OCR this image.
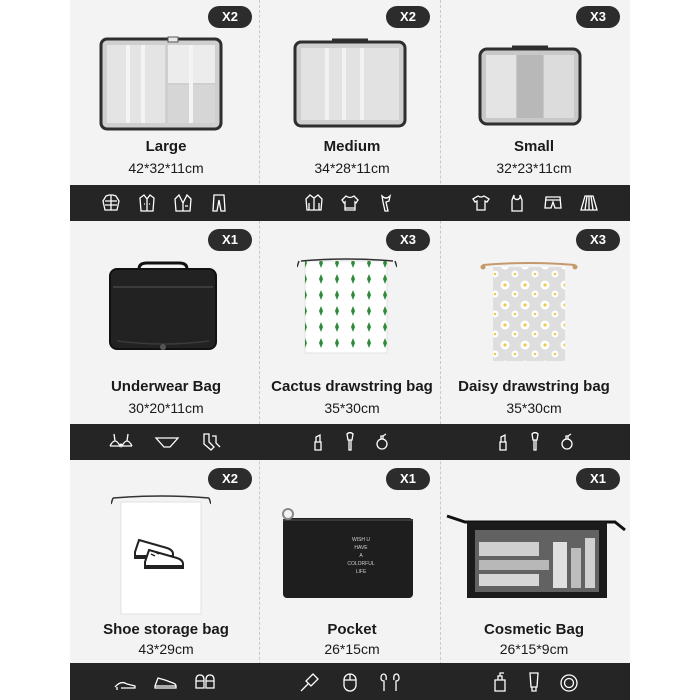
X2
Large
42*32*11cm
X2
Medium
34*28*11cm
X3
Small
32*23*11cm
X1
Underwear Bag
30*20*11cm
X3
Cactus drawstring bag
35*30cm
X3
Daisy drawstring bag
35*30cm
X2
Shoe storage bag
43*29cm
X1
WISH U
HAVE
A
COLORFUL
LIFE
Pocket
26*15cm
X1
Cosmetic Bag
26*15*9cm
